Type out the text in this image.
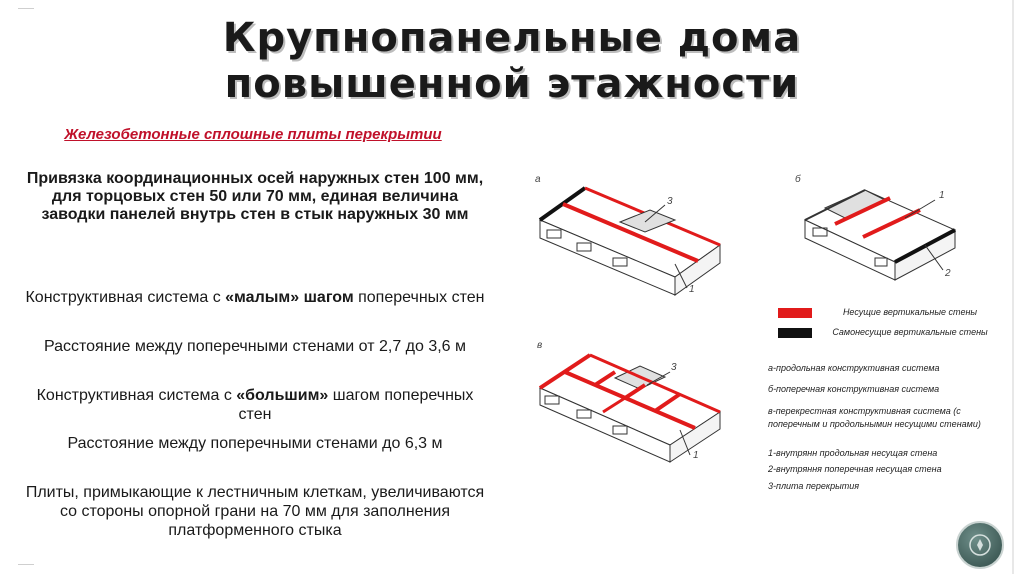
Крупнопанельные дома
повышенной этажности
Железобетонные сплошные плиты перекрытии
Привязка координационных осей наружных стен 100 мм, для торцовых стен 50 или 70 мм, единая величина заводки панелей внутрь стен в стык наружных 30 мм
Конструктивная система с «малым» шагом поперечных стен
Расстояние между поперечными стенами от 2,7 до 3,6 м
Конструктивная система с «большим» шагом поперечных стен
Расстояние между поперечными стенами до 6,3 м
Плиты, примыкающие к лестничным клеткам, увеличиваются со стороны опорной грани на 70 мм для заполнения платформенного стыка
а
3
1
б
1
2
в
3
1
Несущие вертикальные стены
Самонесущие вертикальные стены
а-продольная конструктивная система
б-поперечная конструктивная система
в-перекрестная конструктивная система (с поперечным и продольнымин несущими стенами)
1-внутрянн продольная несущая стена
2-внутряння поперечная несущая стена
3-плита перекрытия
